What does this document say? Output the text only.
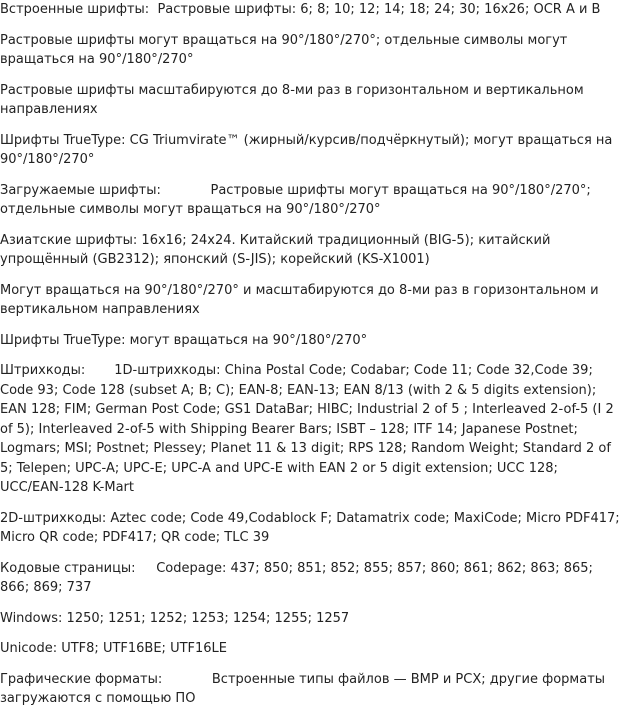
Встроенные шрифты:  Растровые шрифты: 6; 8; 10; 12; 14; 18; 24; 30; 16x26; OCR A и B

Растровые шрифты могут вращаться на 90°/180°/270°; отдельные символы могут вращаться на 90°/180°/270°

Растровые шрифты масштабируются до 8-ми раз в горизонтальном и вертикальном направлениях

Шрифты TrueType: CG Triumvirate™ (жирный/курсив/подчёркнутый); могут вращаться на 90°/180°/270°

Загружаемые шрифты:            Растровые шрифты могут вращаться на 90°/180°/270°; отдельные символы могут вращаться на 90°/180°/270°

Азиатские шрифты: 16x16; 24x24. Китайский традиционный (BIG-5); китайский упрощённый (GB2312); японский (S-JIS); корейский (KS-X1001)

Могут вращаться на 90°/180°/270° и масштабируются до 8-ми раз в горизонтальном и вертикальном направлениях

Шрифты TrueType: могут вращаться на 90°/180°/270°

Штрихкоды:       1D-штрихкоды: China Postal Code; Codabar; Code 11; Code 32,Code 39; Code 93; Code 128 (subset A; B; C); EAN-8; EAN-13; EAN 8/13 (with 2 & 5 digits extension); EAN 128; FIM; German Post Code; GS1 DataBar; HIBC; Industrial 2 of 5 ; Interleaved 2-of-5 (I 2 of 5); Interleaved 2-of-5 with Shipping Bearer Bars; ISBT – 128; ITF 14; Japanese Postnet; Logmars; MSI; Postnet; Plessey; Planet 11 & 13 digit; RPS 128; Random Weight; Standard 2 of 5; Telepen; UPC-A; UPC-E; UPC-A and UPC-E with EAN 2 or 5 digit extension; UCC 128; UCC/EAN-128 K-Mart

2D-штрихкоды: Aztec code; Code 49,Codablock F; Datamatrix code; MaxiCode; Micro PDF417; Micro QR code; PDF417; QR code; TLC 39

Кодовые страницы:     Codepage: 437; 850; 851; 852; 855; 857; 860; 861; 862; 863; 865; 866; 869; 737

Windows: 1250; 1251; 1252; 1253; 1254; 1255; 1257

Unicode: UTF8; UTF16BE; UTF16LE

Графические форматы:            Встроенные типы файлов — BMP и PCX; другие форматы загружаются с помощью ПО
